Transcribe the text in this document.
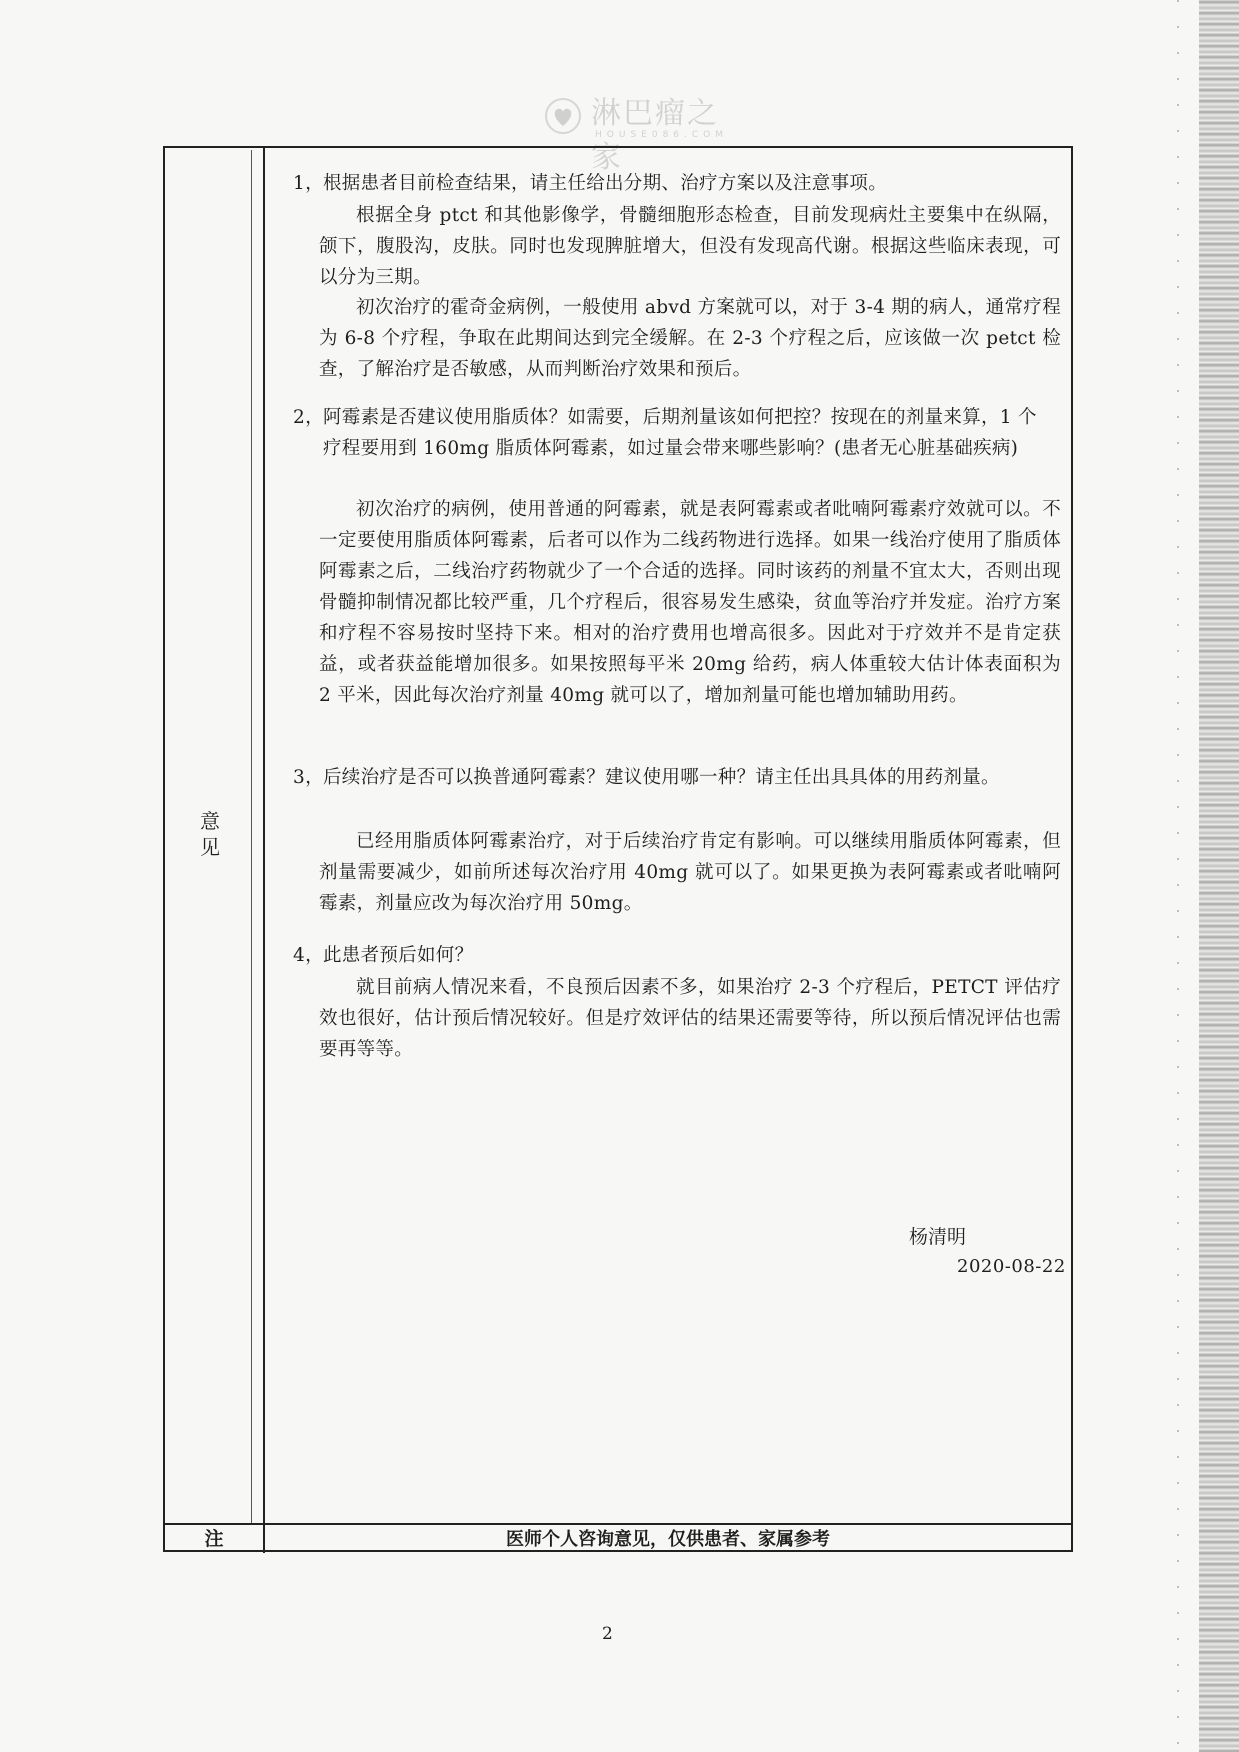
淋巴瘤之家
HOUSE086.COM
意见
注	医师个人咨询意见，仅供患者、家属参考
1， 根据患者目前检查结果，请主任给出分期、治疗方案以及注意事项。
根据全身 ptct 和其他影像学，骨髓细胞形态检查，目前发现病灶主要集中在纵隔，颌下，腹股沟，皮肤。同时也发现脾脏增大，但没有发现高代谢。根据这些临床表现，可以分为三期。
初次治疗的霍奇金病例，一般使用 abvd 方案就可以，对于 3-4 期的病人，通常疗程为 6-8 个疗程，争取在此期间达到完全缓解。在 2-3 个疗程之后，应该做一次 petct 检查，了解治疗是否敏感，从而判断治疗效果和预后。
2， 阿霉素是否建议使用脂质体？如需要，后期剂量该如何把控？按现在的剂量来算，1 个疗程要用到 160mg 脂质体阿霉素，如过量会带来哪些影响？(患者无心脏基础疾病)
初次治疗的病例，使用普通的阿霉素，就是表阿霉素或者吡喃阿霉素疗效就可以。不一定要使用脂质体阿霉素，后者可以作为二线药物进行选择。如果一线治疗使用了脂质体阿霉素之后，二线治疗药物就少了一个合适的选择。同时该药的剂量不宜太大，否则出现骨髓抑制情况都比较严重，几个疗程后，很容易发生感染，贫血等治疗并发症。治疗方案和疗程不容易按时坚持下来。相对的治疗费用也增高很多。因此对于疗效并不是肯定获益，或者获益能增加很多。如果按照每平米 20mg 给药，病人体重较大估计体表面积为 2 平米，因此每次治疗剂量 40mg 就可以了，增加剂量可能也增加辅助用药。
3， 后续治疗是否可以换普通阿霉素？建议使用哪一种？请主任出具具体的用药剂量。
已经用脂质体阿霉素治疗，对于后续治疗肯定有影响。可以继续用脂质体阿霉素，但剂量需要减少，如前所述每次治疗用 40mg 就可以了。如果更换为表阿霉素或者吡喃阿霉素，剂量应改为每次治疗用 50mg。
4， 此患者预后如何？
就目前病人情况来看，不良预后因素不多，如果治疗 2-3 个疗程后，PETCT 评估疗效也很好，估计预后情况较好。但是疗效评估的结果还需要等待，所以预后情况评估也需要再等等。
杨清明
2020-08-22
2
